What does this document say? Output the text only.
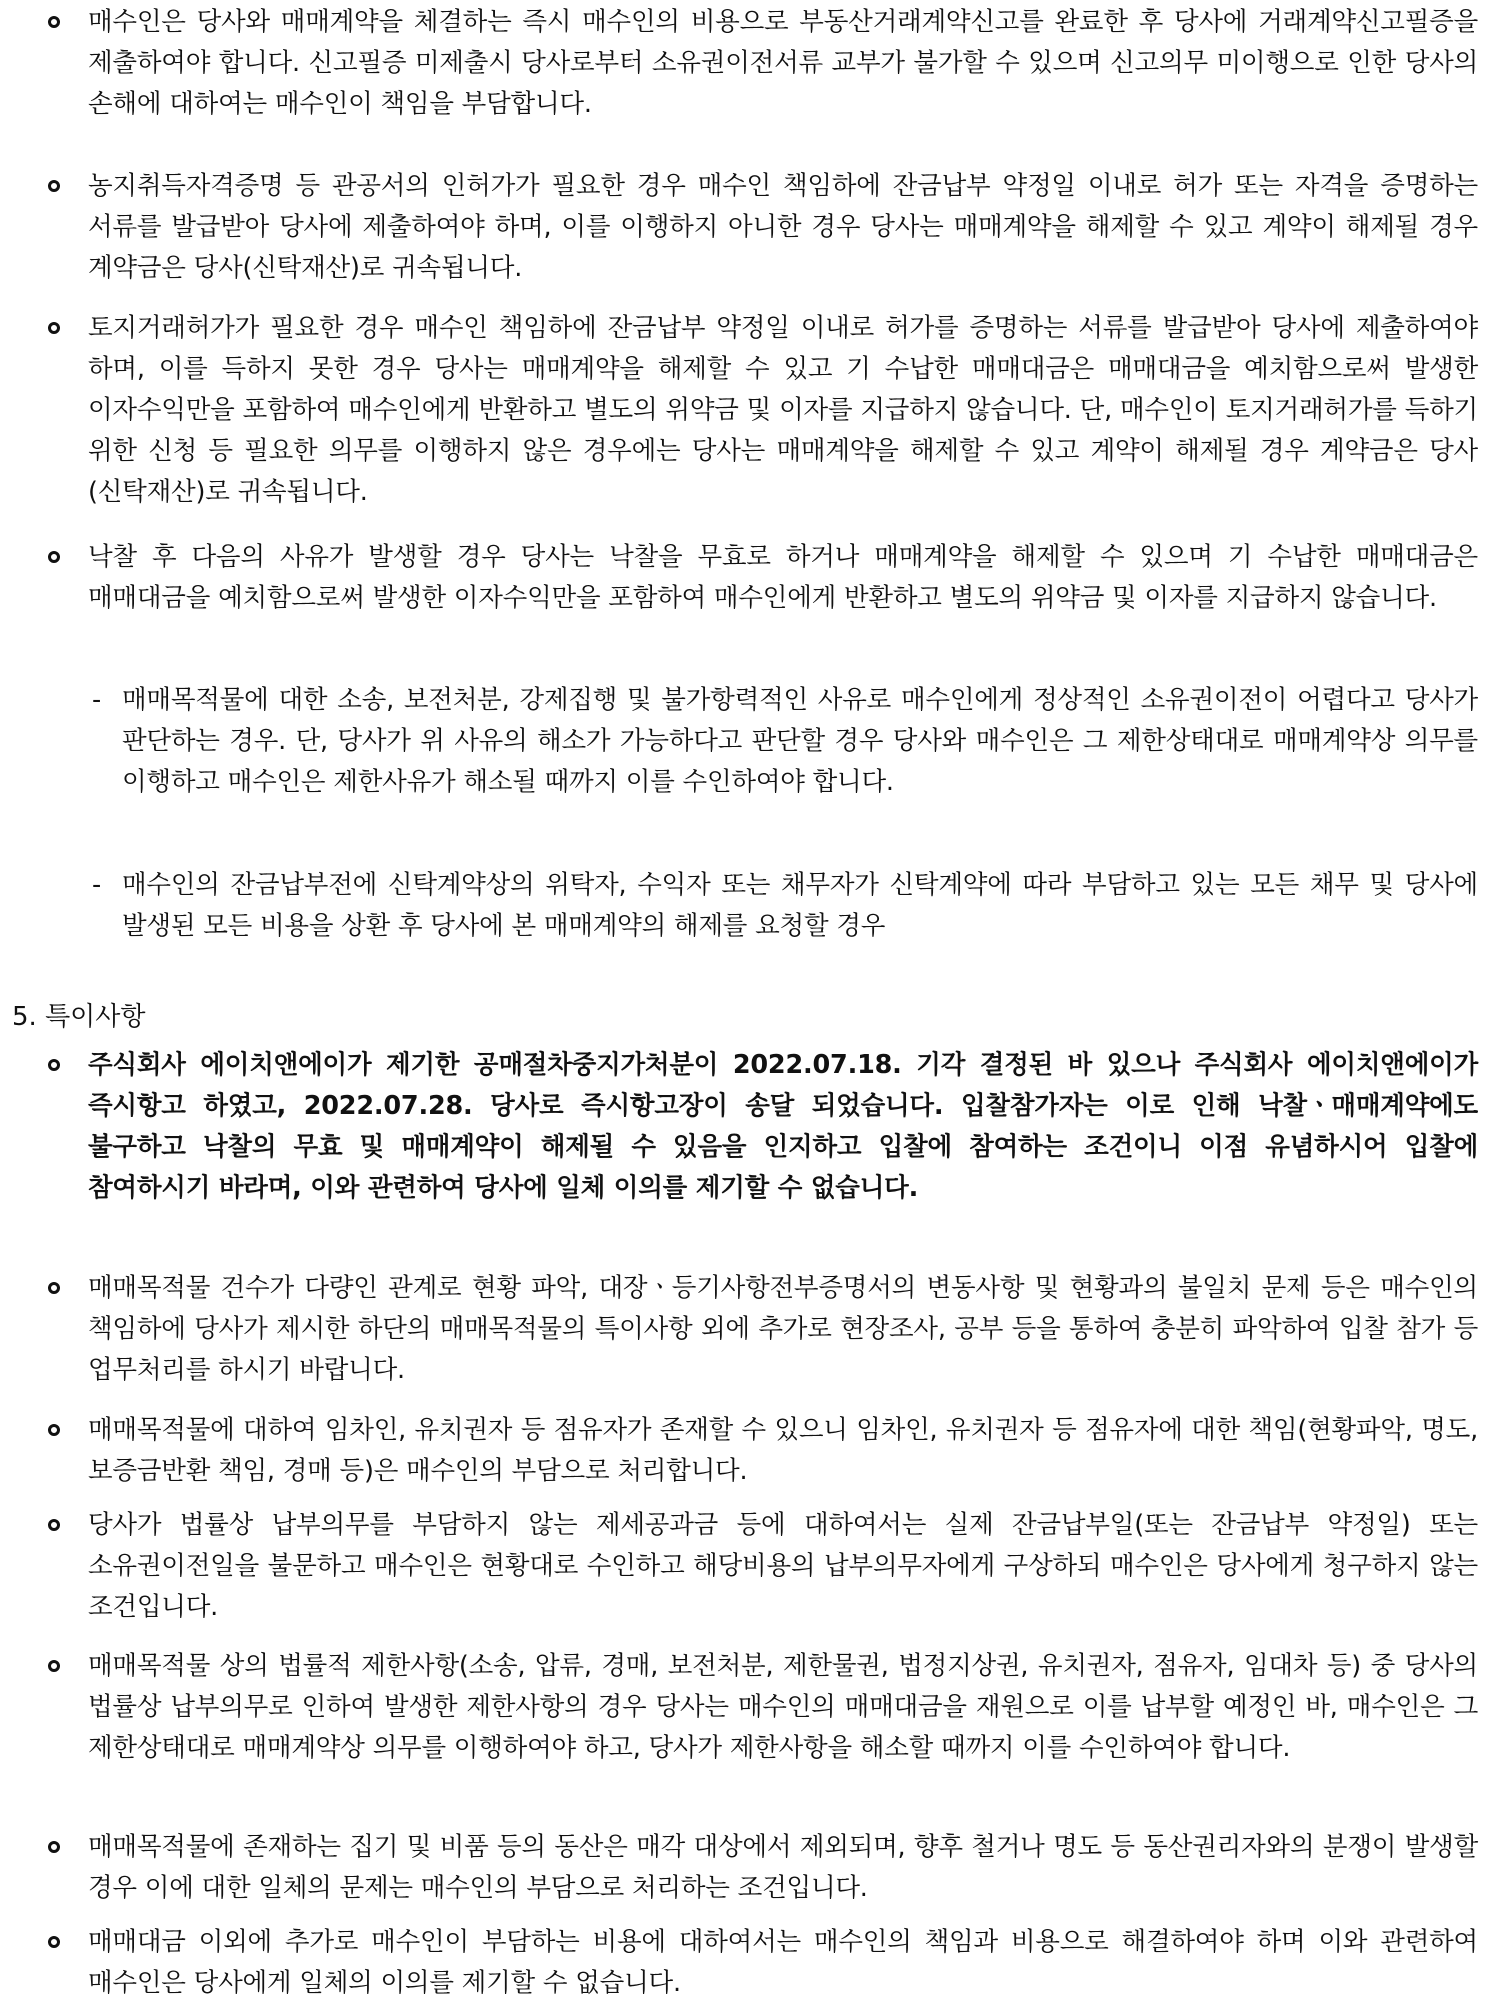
매수인은 당사와 매매계약을 체결하는 즉시 매수인의 비용으로 부동산거래계약신고를 완료한 후 당사에 거래계약신고필증을 제출하여야 합니다. 신고필증 미제출시 당사로부터 소유권이전서류 교부가 불가할 수 있으며 신고의무 미이행으로 인한 당사의 손해에 대하여는 매수인이 책임을 부담합니다.
농지취득자격증명 등 관공서의 인허가가 필요한 경우 매수인 책임하에 잔금납부 약정일 이내로 허가 또는 자격을 증명하는 서류를 발급받아 당사에 제출하여야 하며, 이를 이행하지 아니한 경우 당사는 매매계약을 해제할 수 있고 계약이 해제될 경우 계약금은 당사(신탁재산)로 귀속됩니다.
토지거래허가가 필요한 경우 매수인 책임하에 잔금납부 약정일 이내로 허가를 증명하는 서류를 발급받아 당사에 제출하여야 하며, 이를 득하지 못한 경우 당사는 매매계약을 해제할 수 있고 기 수납한 매매대금은 매매대금을 예치함으로써 발생한 이자수익만을 포함하여 매수인에게 반환하고 별도의 위약금 및 이자를 지급하지 않습니다. 단, 매수인이 토지거래허가를 득하기 위한 신청 등 필요한 의무를 이행하지 않은 경우에는 당사는 매매계약을 해제할 수 있고 계약이 해제될 경우 계약금은 당사(신탁재산)로 귀속됩니다.
낙찰 후 다음의 사유가 발생할 경우 당사는 낙찰을 무효로 하거나 매매계약을 해제할 수 있으며 기 수납한 매매대금은 매매대금을 예치함으로써 발생한 이자수익만을 포함하여 매수인에게 반환하고 별도의 위약금 및 이자를 지급하지 않습니다.
- 매매목적물에 대한 소송, 보전처분, 강제집행 및 불가항력적인 사유로 매수인에게 정상적인 소유권이전이 어렵다고 당사가 판단하는 경우. 단, 당사가 위 사유의 해소가 가능하다고 판단할 경우 당사와 매수인은 그 제한상태대로 매매계약상 의무를 이행하고 매수인은 제한사유가 해소될 때까지 이를 수인하여야 합니다.
- 매수인의 잔금납부전에 신탁계약상의 위탁자, 수익자 또는 채무자가 신탁계약에 따라 부담하고 있는 모든 채무 및 당사에 발생된 모든 비용을 상환 후 당사에 본 매매계약의 해제를 요청할 경우
5. 특이사항
주식회사 에이치앤에이가 제기한 공매절차중지가처분이 2022.07.18. 기각 결정된 바 있으나 주식회사 에이치앤에이가 즉시항고 하였고, 2022.07.28. 당사로 즉시항고장이 송달 되었습니다. 입찰참가자는 이로 인해 낙찰ㆍ매매계약에도 불구하고 낙찰의 무효 및 매매계약이 해제될 수 있음을 인지하고 입찰에 참여하는 조건이니 이점 유념하시어 입찰에 참여하시기 바라며, 이와 관련하여 당사에 일체 이의를 제기할 수 없습니다.
매매목적물 건수가 다량인 관계로 현황 파악, 대장ㆍ등기사항전부증명서의 변동사항 및 현황과의 불일치 문제 등은 매수인의 책임하에 당사가 제시한 하단의 매매목적물의 특이사항 외에 추가로 현장조사, 공부 등을 통하여 충분히 파악하여 입찰 참가 등 업무처리를 하시기 바랍니다.
매매목적물에 대하여 임차인, 유치권자 등 점유자가 존재할 수 있으니 임차인, 유치권자 등 점유자에 대한 책임(현황파악, 명도, 보증금반환 책임, 경매 등)은 매수인의 부담으로 처리합니다.
당사가 법률상 납부의무를 부담하지 않는 제세공과금 등에 대하여서는 실제 잔금납부일(또는 잔금납부 약정일) 또는 소유권이전일을 불문하고 매수인은 현황대로 수인하고 해당비용의 납부의무자에게 구상하되 매수인은 당사에게 청구하지 않는 조건입니다.
매매목적물 상의 법률적 제한사항(소송, 압류, 경매, 보전처분, 제한물권, 법정지상권, 유치권자, 점유자, 임대차 등) 중 당사의 법률상 납부의무로 인하여 발생한 제한사항의 경우 당사는 매수인의 매매대금을 재원으로 이를 납부할 예정인 바, 매수인은 그 제한상태대로 매매계약상 의무를 이행하여야 하고, 당사가 제한사항을 해소할 때까지 이를 수인하여야 합니다.
매매목적물에 존재하는 집기 및 비품 등의 동산은 매각 대상에서 제외되며, 향후 철거나 명도 등 동산권리자와의 분쟁이 발생할 경우 이에 대한 일체의 문제는 매수인의 부담으로 처리하는 조건입니다.
매매대금 이외에 추가로 매수인이 부담하는 비용에 대하여서는 매수인의 책임과 비용으로 해결하여야 하며 이와 관련하여 매수인은 당사에게 일체의 이의를 제기할 수 없습니다.
